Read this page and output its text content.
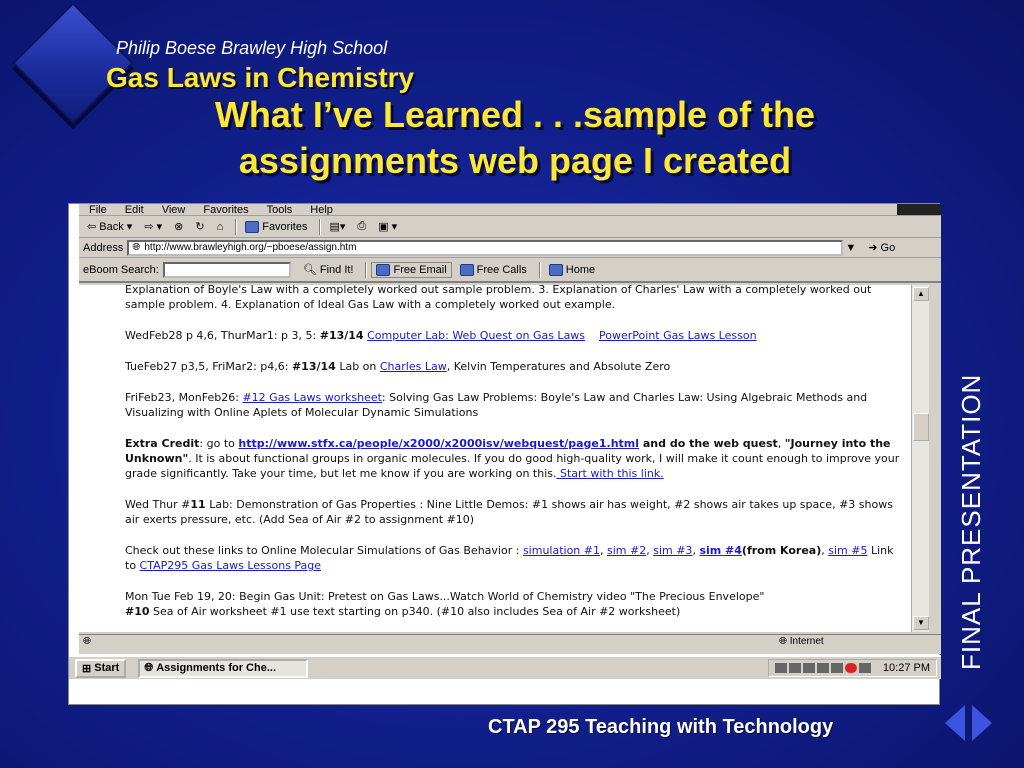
Philip Boese Brawley High School
Gas Laws in Chemistry
What I’ve Learned . . .sample of the
assignments web page I created
File Edit View Favorites Tools Help
⇦ Back ▾	⇨ ▾ ⊗ ↻ ⌂	Favorites ▤▾ ⎙ ▣ ▾
Address 🌐︎ http://www.brawleyhigh.org/~pboese/assign.htm	▼ ➜ Go
eBoom Search:	🔍︎ Find It!	Free Email	Free Calls	Home
Explanation of Boyle's Law with a completely worked out sample problem. 3. Explanation of Charles' Law with a completely worked out sample problem. 4. Explanation of Ideal Gas Law with a completely worked out example.
WedFeb28 p 4,6, ThurMar1: p 3, 5: #13/14 Computer Lab: Web Quest on Gas Laws PowerPoint Gas Laws Lesson
TueFeb27 p3,5, FriMar2: p4,6: #13/14 Lab on Charles Law, Kelvin Temperatures and Absolute Zero
FriFeb23, MonFeb26: #12 Gas Laws worksheet: Solving Gas Law Problems: Boyle's Law and Charles Law: Using Algebraic Methods and Visualizing with Online Aplets of Molecular Dynamic Simulations
Extra Credit: go to http://www.stfx.ca/people/x2000/x2000isv/webquest/page1.html and do the web quest, "Journey into the Unknown". It is about functional groups in organic molecules. If you do good high-quality work, I will make it count enough to improve your grade significantly. Take your time, but let me know if you are working on this. Start with this link.
Wed Thur #11 Lab: Demonstration of Gas Properties : Nine Little Demos: #1 shows air has weight, #2 shows air takes up space, #3 shows air exerts pressure, etc. (Add Sea of Air #2 to assignment #10)
Check out these links to Online Molecular Simulations of Gas Behavior : simulation #1, sim #2, sim #3, sim #4(from Korea), sim #5 Link to CTAP295 Gas Laws Lessons Page
Mon Tue Feb 19, 20: Begin Gas Unit: Pretest on Gas Laws...Watch World of Chemistry video "The Precious Envelope"
#10 Sea of Air worksheet #1 use text starting on p340. (#10 also includes Sea of Air #2 worksheet)
▲
▼
🌐︎	🌐︎ Internet
⊞ Start 🌐︎ Assignments for Che...	10:27 PM FINAL PRESENTATION
CTAP 295 Teaching with Technology
